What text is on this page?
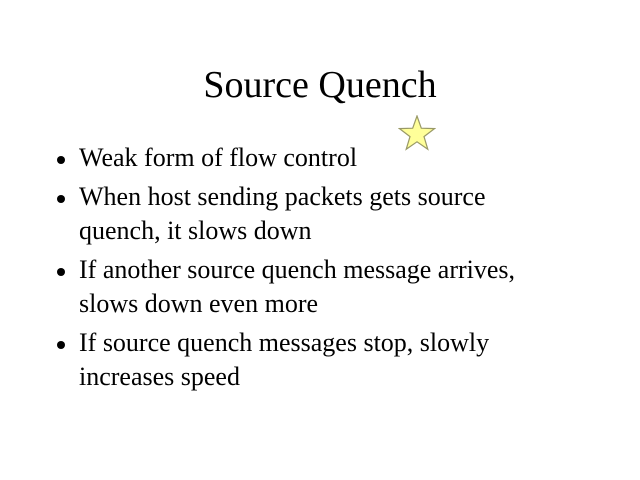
Source Quench
Weak form of flow control
When host sending packets gets source
quench, it slows down
If another source quench message arrives,
slows down even more
If source quench messages stop, slowly
increases speed
